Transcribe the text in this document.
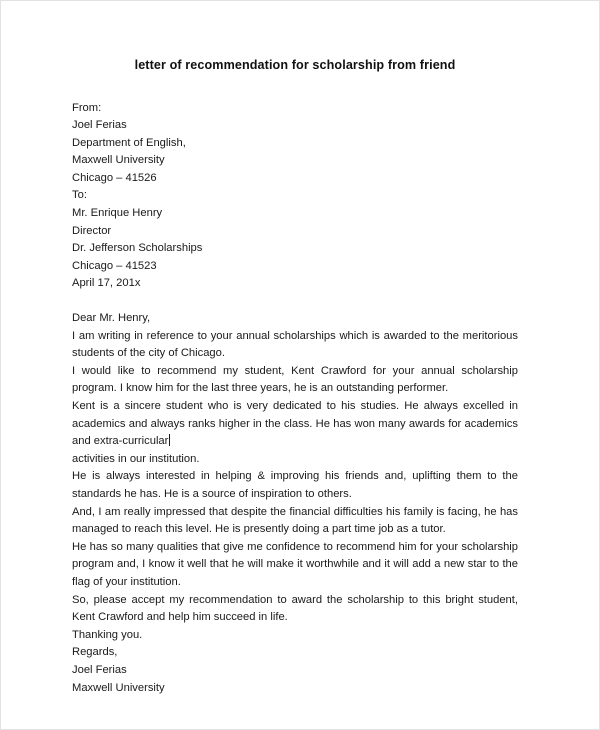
letter of recommendation for scholarship from friend
From:
Joel Ferias
Department of English,
Maxwell University
Chicago – 41526
To:
Mr. Enrique Henry
Director
Dr. Jefferson Scholarships
Chicago – 41523
April 17, 201x
Dear Mr. Henry,
I am writing in reference to your annual scholarships which is awarded to the meritorious students of the city of Chicago.
I would like to recommend my student, Kent Crawford for your annual scholarship program. I know him for the last three years, he is an outstanding performer.
Kent is a sincere student who is very dedicated to his studies. He always excelled in academics and always ranks higher in the class. He has won many awards for academics and extra-curricular
activities in our institution.
He is always interested in helping & improving his friends and, uplifting them to the standards he has. He is a source of inspiration to others.
And, I am really impressed that despite the financial difficulties his family is facing, he has managed to reach this level. He is presently doing a part time job as a tutor.
He has so many qualities that give me confidence to recommend him for your scholarship program and, I know it well that he will make it worthwhile and it will add a new star to the flag of your institution.
So, please accept my recommendation to award the scholarship to this bright student, Kent Crawford and help him succeed in life.
Thanking you.
Regards,
Joel Ferias
Maxwell University
